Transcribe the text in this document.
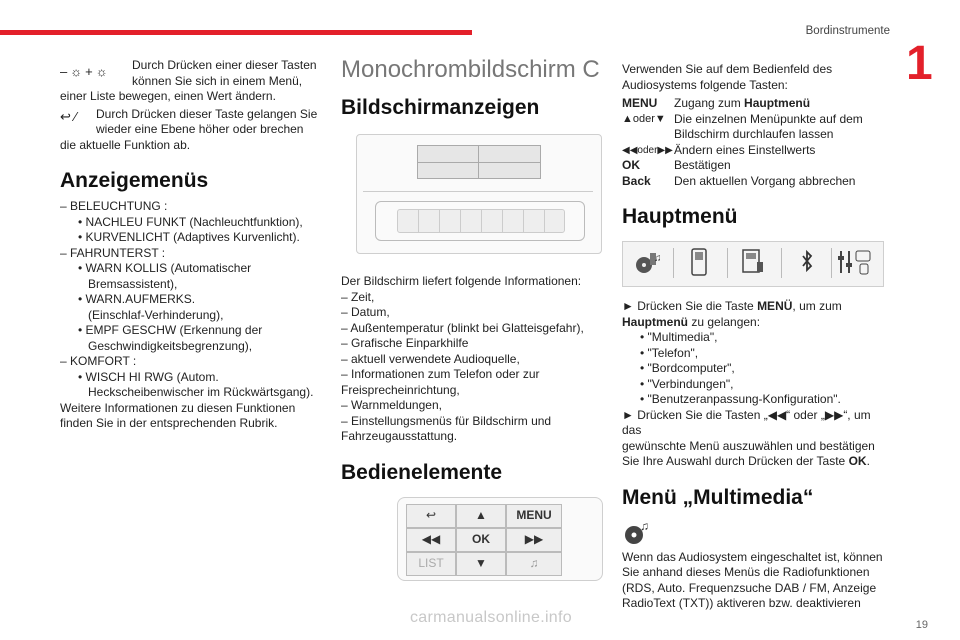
Bordinstrumente
1
19
carmanualsonline.info
–☼+☼	Durch Drücken einer dieser Tasten können Sie sich in einem Menü,

einer Liste bewegen, einen Wert ändern.

↩ ⁄	Durch Drücken dieser Taste gelangen Sie wieder eine Ebene höher oder brechen

die aktuelle Funktion ab.

Anzeigemenüs

– BELEUCHTUNG :

• NACHLEU FUNKT (Nachleuchtfunktion),

• KURVENLICHT (Adaptives Kurvenlicht).

– FAHRUNTERST :

• WARN KOLLIS (Automatischer

Bremsassistent),

• WARN.AUFMERKS.

(Einschlaf-Verhinderung),

• EMPF GESCHW (Erkennung der

Geschwindigkeitsbegrenzung),

– KOMFORT :

• WISCH HI RWG (Autom.

Heckscheibenwischer im Rückwärtsgang).

Weitere Informationen zu diesen Funktionen

finden Sie in der entsprechenden Rubrik.

Monochrombildschirm C
Bildschirmanzeigen

Der Bildschirm liefert folgende Informationen:

– Zeit,

– Datum,

– Außentemperatur (blinkt bei Glatteisgefahr),

– Grafische Einparkhilfe

– aktuell verwendete Audioquelle,

– Informationen zum Telefon oder zur

Freisprecheinrichtung,

– Warnmeldungen,

– Einstellungsmenüs für Bildschirm und

Fahrzeugausstattung.

Bedienelemente
↩	▲	MENU
◀◀	OK	▶▶
LIST	▼	♫

Verwenden Sie auf dem Bedienfeld des Audiosystems folgende Tasten:

MENU	Zugang zum Hauptmenü
▲oder▼ Die einzelnen Menüpunkte auf dem
Bildschirm durchlaufen lassen
◀◀oder▶▶ Ändern eines Einstellwerts
OK	Bestätigen
Back	Den aktuellen Vorgang abbrechen
Hauptmenü
♫

► Drücken Sie die Taste MENÜ, um zum

Hauptmenü zu gelangen:

• "Multimedia",

• "Telefon",

• "Bordcomputer",

• "Verbindungen",

• "Benutzeranpassung-Konfiguration".

► Drücken Sie die Tasten „◀◀“ oder „▶▶“, um das

gewünschte Menü auszuwählen und bestätigen

Sie Ihre Auswahl durch Drücken der Taste OK.

Menü „Multimedia“
♫

Wenn das Audiosystem eingeschaltet ist, können

Sie anhand dieses Menüs die Radiofunktionen

(RDS, Auto. Frequenzsuche DAB / FM, Anzeige

RadioText (TXT)) aktiveren bzw. deaktivieren
